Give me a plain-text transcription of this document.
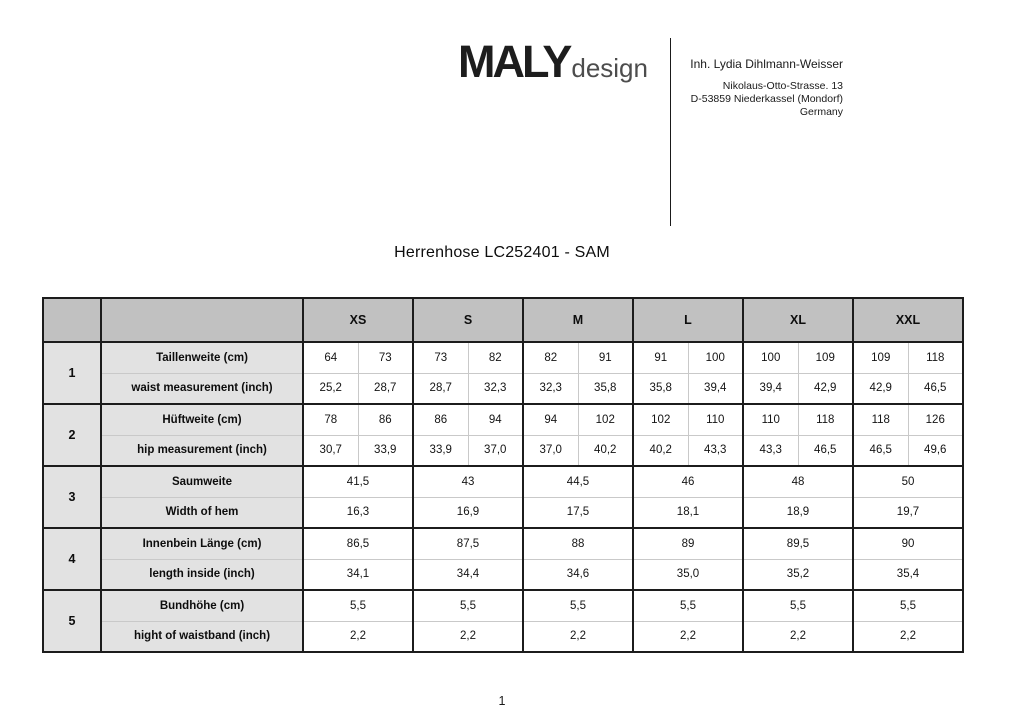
MALYdesign	Inh. Lydia Dihlmann-Weisser
Nikolaus-Otto-Strasse. 13
D-53859 Niederkassel (Mondorf)
Germany
Herrenhose LC252401 - SAM
		XS		S		M		L		XL		XXL	
1	Taillenweite (cm)	64	73	73	82	82	91	91	100	100	109	109	118
	waist measurement (inch)	25,2	28,7	28,7	32,3	32,3	35,8	35,8	39,4	39,4	42,9	42,9	46,5
2	Hüftweite (cm)	78	86	86	94	94	102	102	110	110	118	118	126
	hip measurement (inch)	30,7	33,9	33,9	37,0	37,0	40,2	40,2	43,3	43,3	46,5	46,5	49,6
3	Saumweite	41,5		43		44,5		46		48		50	
	Width of hem	16,3		16,9		17,5		18,1		18,9		19,7	
4	Innenbein Länge (cm)	86,5		87,5		88		89		89,5		90	
	length inside (inch)	34,1		34,4		34,6		35,0		35,2		35,4	
5	Bundhöhe (cm)	5,5		5,5		5,5		5,5		5,5		5,5	
	hight of waistband (inch)	2,2		2,2		2,2		2,2		2,2		2,2	
1
